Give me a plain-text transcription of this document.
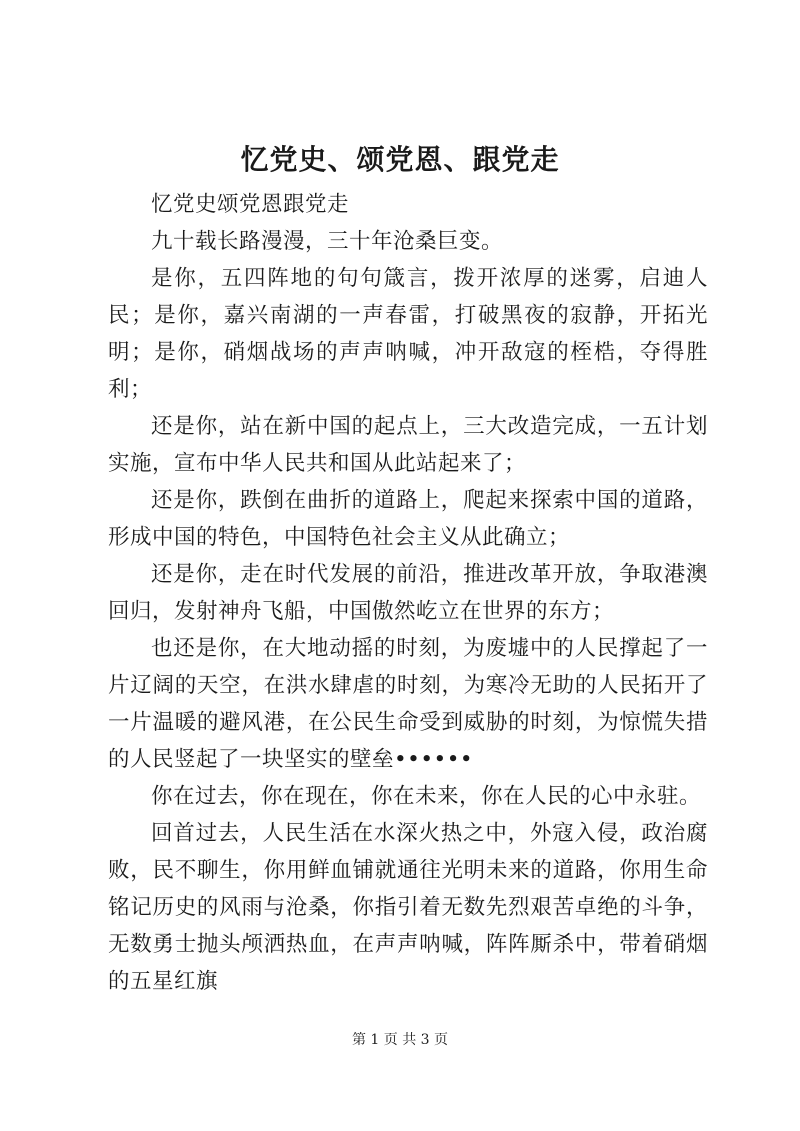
忆党史、颂党恩、跟党走

忆党史颂党恩跟党走

九十载长路漫漫，三十年沧桑巨变。

是你，五四阵地的句句箴言，拨开浓厚的迷雾，启迪人民；是你，嘉兴南湖的一声春雷，打破黑夜的寂静，开拓光明；是你，硝烟战场的声声呐喊，冲开敌寇的桎梏，夺得胜利；

还是你，站在新中国的起点上，三大改造完成，一五计划实施，宣布中华人民共和国从此站起来了；

还是你，跌倒在曲折的道路上，爬起来探索中国的道路，形成中国的特色，中国特色社会主义从此确立；

还是你，走在时代发展的前沿，推进改革开放，争取港澳回归，发射神舟飞船，中国傲然屹立在世界的东方；

也还是你，在大地动摇的时刻，为废墟中的人民撑起了一片辽阔的天空，在洪水肆虐的时刻，为寒冷无助的人民拓开了一片温暖的避风港，在公民生命受到威胁的时刻，为惊慌失措的人民竖起了一块坚实的壁垒••••••

你在过去，你在现在，你在未来，你在人民的心中永驻。

回首过去，人民生活在水深火热之中，外寇入侵，政治腐败，民不聊生，你用鲜血铺就通往光明未来的道路，你用生命铭记历史的风雨与沧桑，你指引着无数先烈艰苦卓绝的斗争，无数勇士抛头颅洒热血，在声声呐喊，阵阵厮杀中，带着硝烟的五星红旗

第 1 页 共 3 页
